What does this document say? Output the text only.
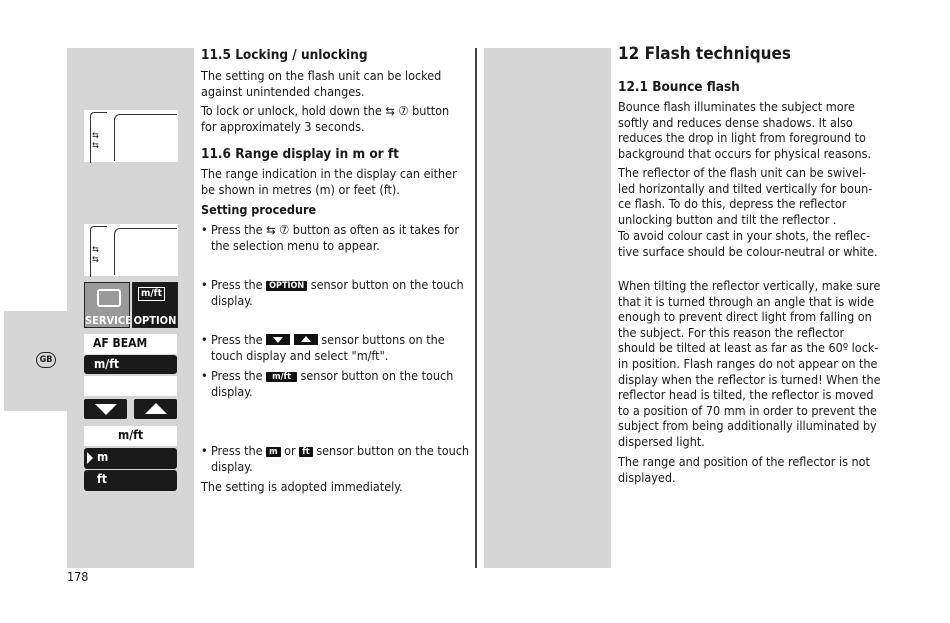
GB
⇆
⇆
⇆
⇆
SERVICE
m/ft
OPTION
AF BEAM
m/ft
m/ft
m
ft
11.5 Locking / unlocking

The setting on the flash unit can be locked against unintended changes.

To lock or unlock, hold down the ⇆ ⑦ button for approximately 3 seconds.

11.6 Range display in m or ft

The range indication in the display can either be shown in metres (m) or feet (ft).

Setting procedure

• Press the ⇆ ⑦ button as often as it takes for the selection menu to appear.
• Press the OPTION sensor button on the touch display.
• Press the
	sensor buttons on the touch display and select "m/ft".
• Press the m/ft sensor button on the touch display.
• Press the m or ft sensor button on the touch display.

The setting is adopted immediately.

178
12 Flash techniques
12.1 Bounce flash

Bounce flash illuminates the subject more softly and reduces dense shadows. It also reduces the drop in light from foreground to background that occurs for physical reasons.

The reflector of the flash unit can be swivel-led horizontally and tilted vertically for boun-ce flash. To do this, depress the reflector unlocking button and tilt the reflector .

To avoid colour cast in your shots, the reflec-tive surface should be colour-neutral or white.

When tilting the reflector vertically, make sure that it is turned through an angle that is wide enough to prevent direct light from falling on the subject. For this reason the reflector should be tilted at least as far as the 60º lock-in position. Flash ranges do not appear on the display when the reflector is turned! When the reflector head is tilted, the reflector is moved to a position of 70 mm in order to prevent the subject from being additionally illuminated by dispersed light.

The range and position of the reflector is not displayed.
